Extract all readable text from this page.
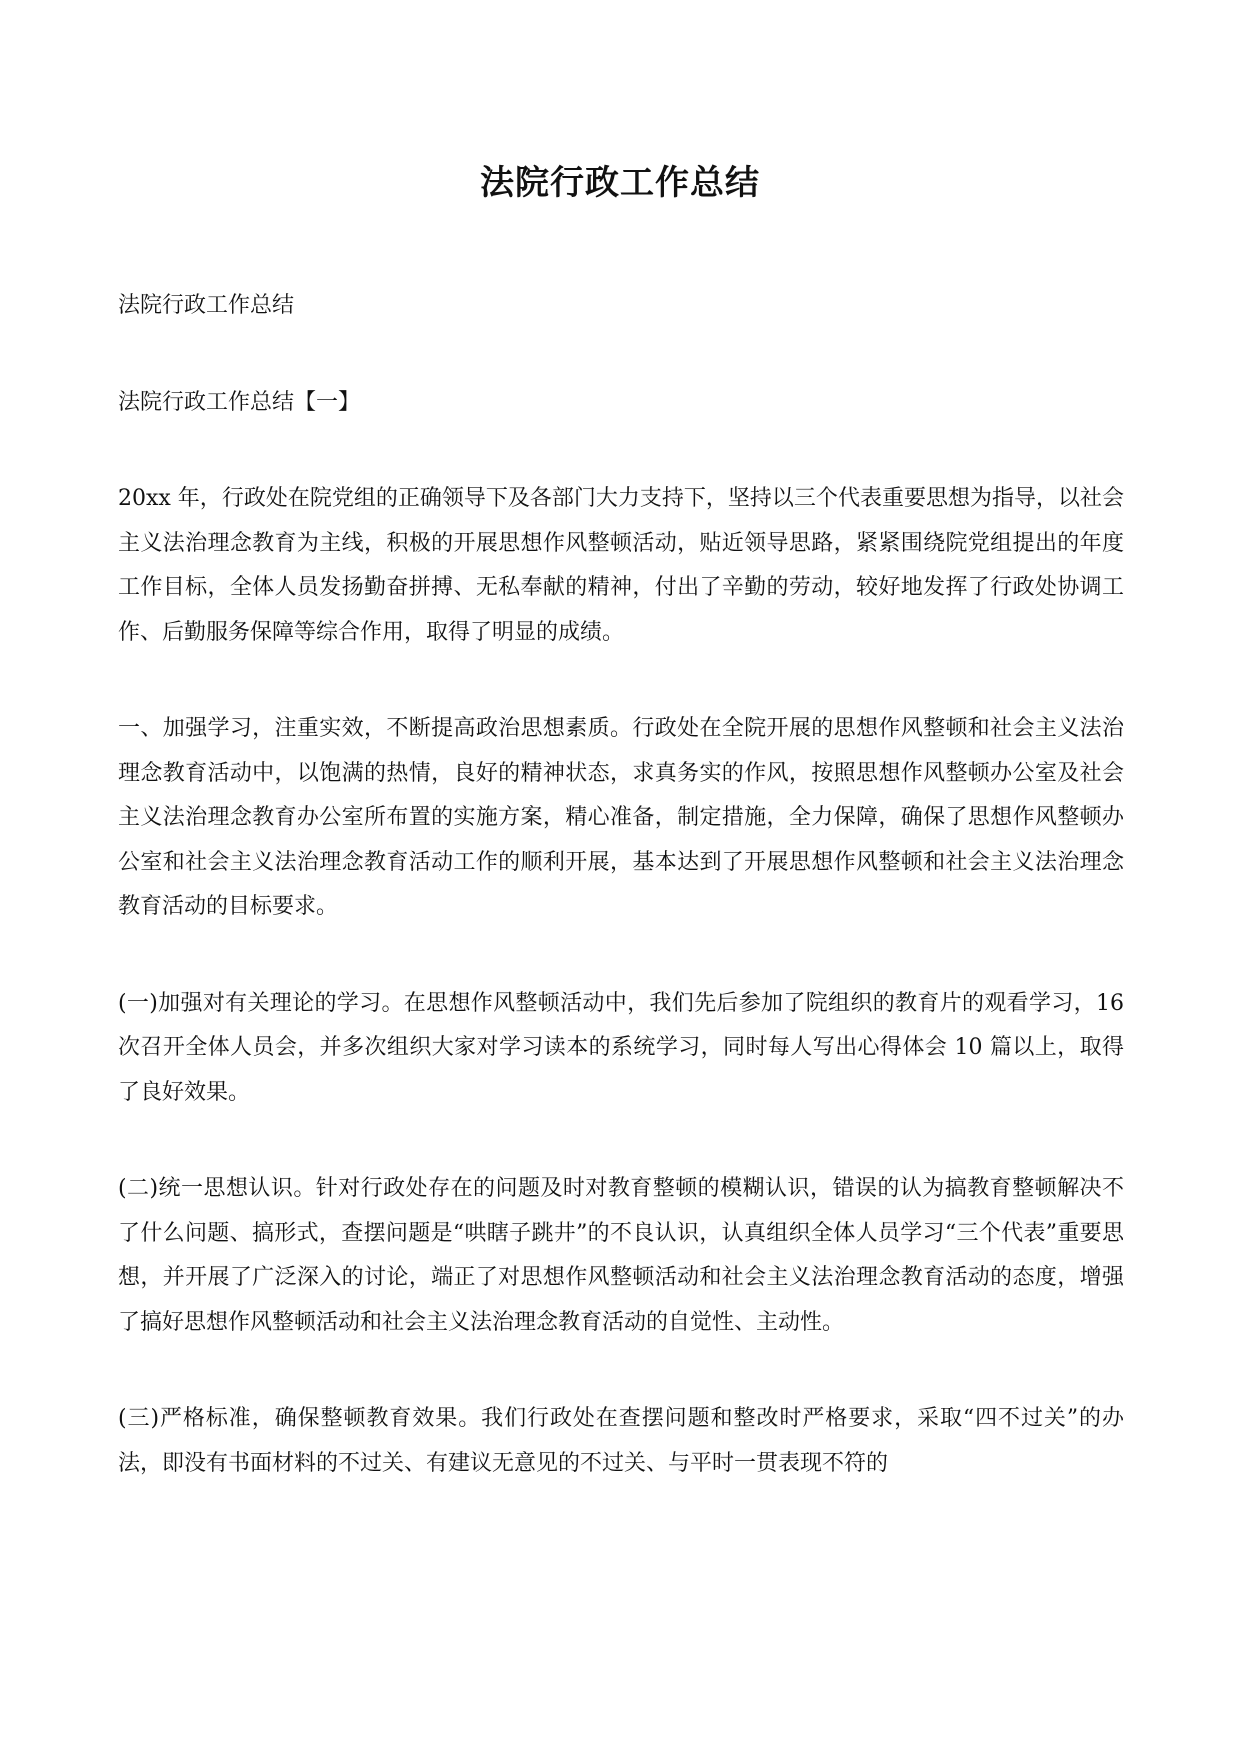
法院行政工作总结

法院行政工作总结

法院行政工作总结【一】

20xx 年，行政处在院党组的正确领导下及各部门大力支持下，坚持以三个代表重要思想为指导，以社会主义法治理念教育为主线，积极的开展思想作风整顿活动，贴近领导思路，紧紧围绕院党组提出的年度工作目标，全体人员发扬勤奋拼搏、无私奉献的精神，付出了辛勤的劳动，较好地发挥了行政处协调工作、后勤服务保障等综合作用，取得了明显的成绩。

一、加强学习，注重实效，不断提高政治思想素质。行政处在全院开展的思想作风整顿和社会主义法治理念教育活动中，以饱满的热情，良好的精神状态，求真务实的作风，按照思想作风整顿办公室及社会主义法治理念教育办公室所布置的实施方案，精心准备，制定措施，全力保障，确保了思想作风整顿办公室和社会主义法治理念教育活动工作的顺利开展，基本达到了开展思想作风整顿和社会主义法治理念教育活动的目标要求。

(一)加强对有关理论的学习。在思想作风整顿活动中，我们先后参加了院组织的教育片的观看学习，16 次召开全体人员会，并多次组织大家对学习读本的系统学习，同时每人写出心得体会 10 篇以上，取得了良好效果。

(二)统一思想认识。针对行政处存在的问题及时对教育整顿的模糊认识，错误的认为搞教育整顿解决不了什么问题、搞形式，查摆问题是“哄瞎子跳井”的不良认识，认真组织全体人员学习“三个代表”重要思想，并开展了广泛深入的讨论，端正了对思想作风整顿活动和社会主义法治理念教育活动的态度，增强了搞好思想作风整顿活动和社会主义法治理念教育活动的自觉性、主动性。

(三)严格标准，确保整顿教育效果。我们行政处在查摆问题和整改时严格要求，采取“四不过关”的办法，即没有书面材料的不过关、有建议无意见的不过关、与平时一贯表现不符的
